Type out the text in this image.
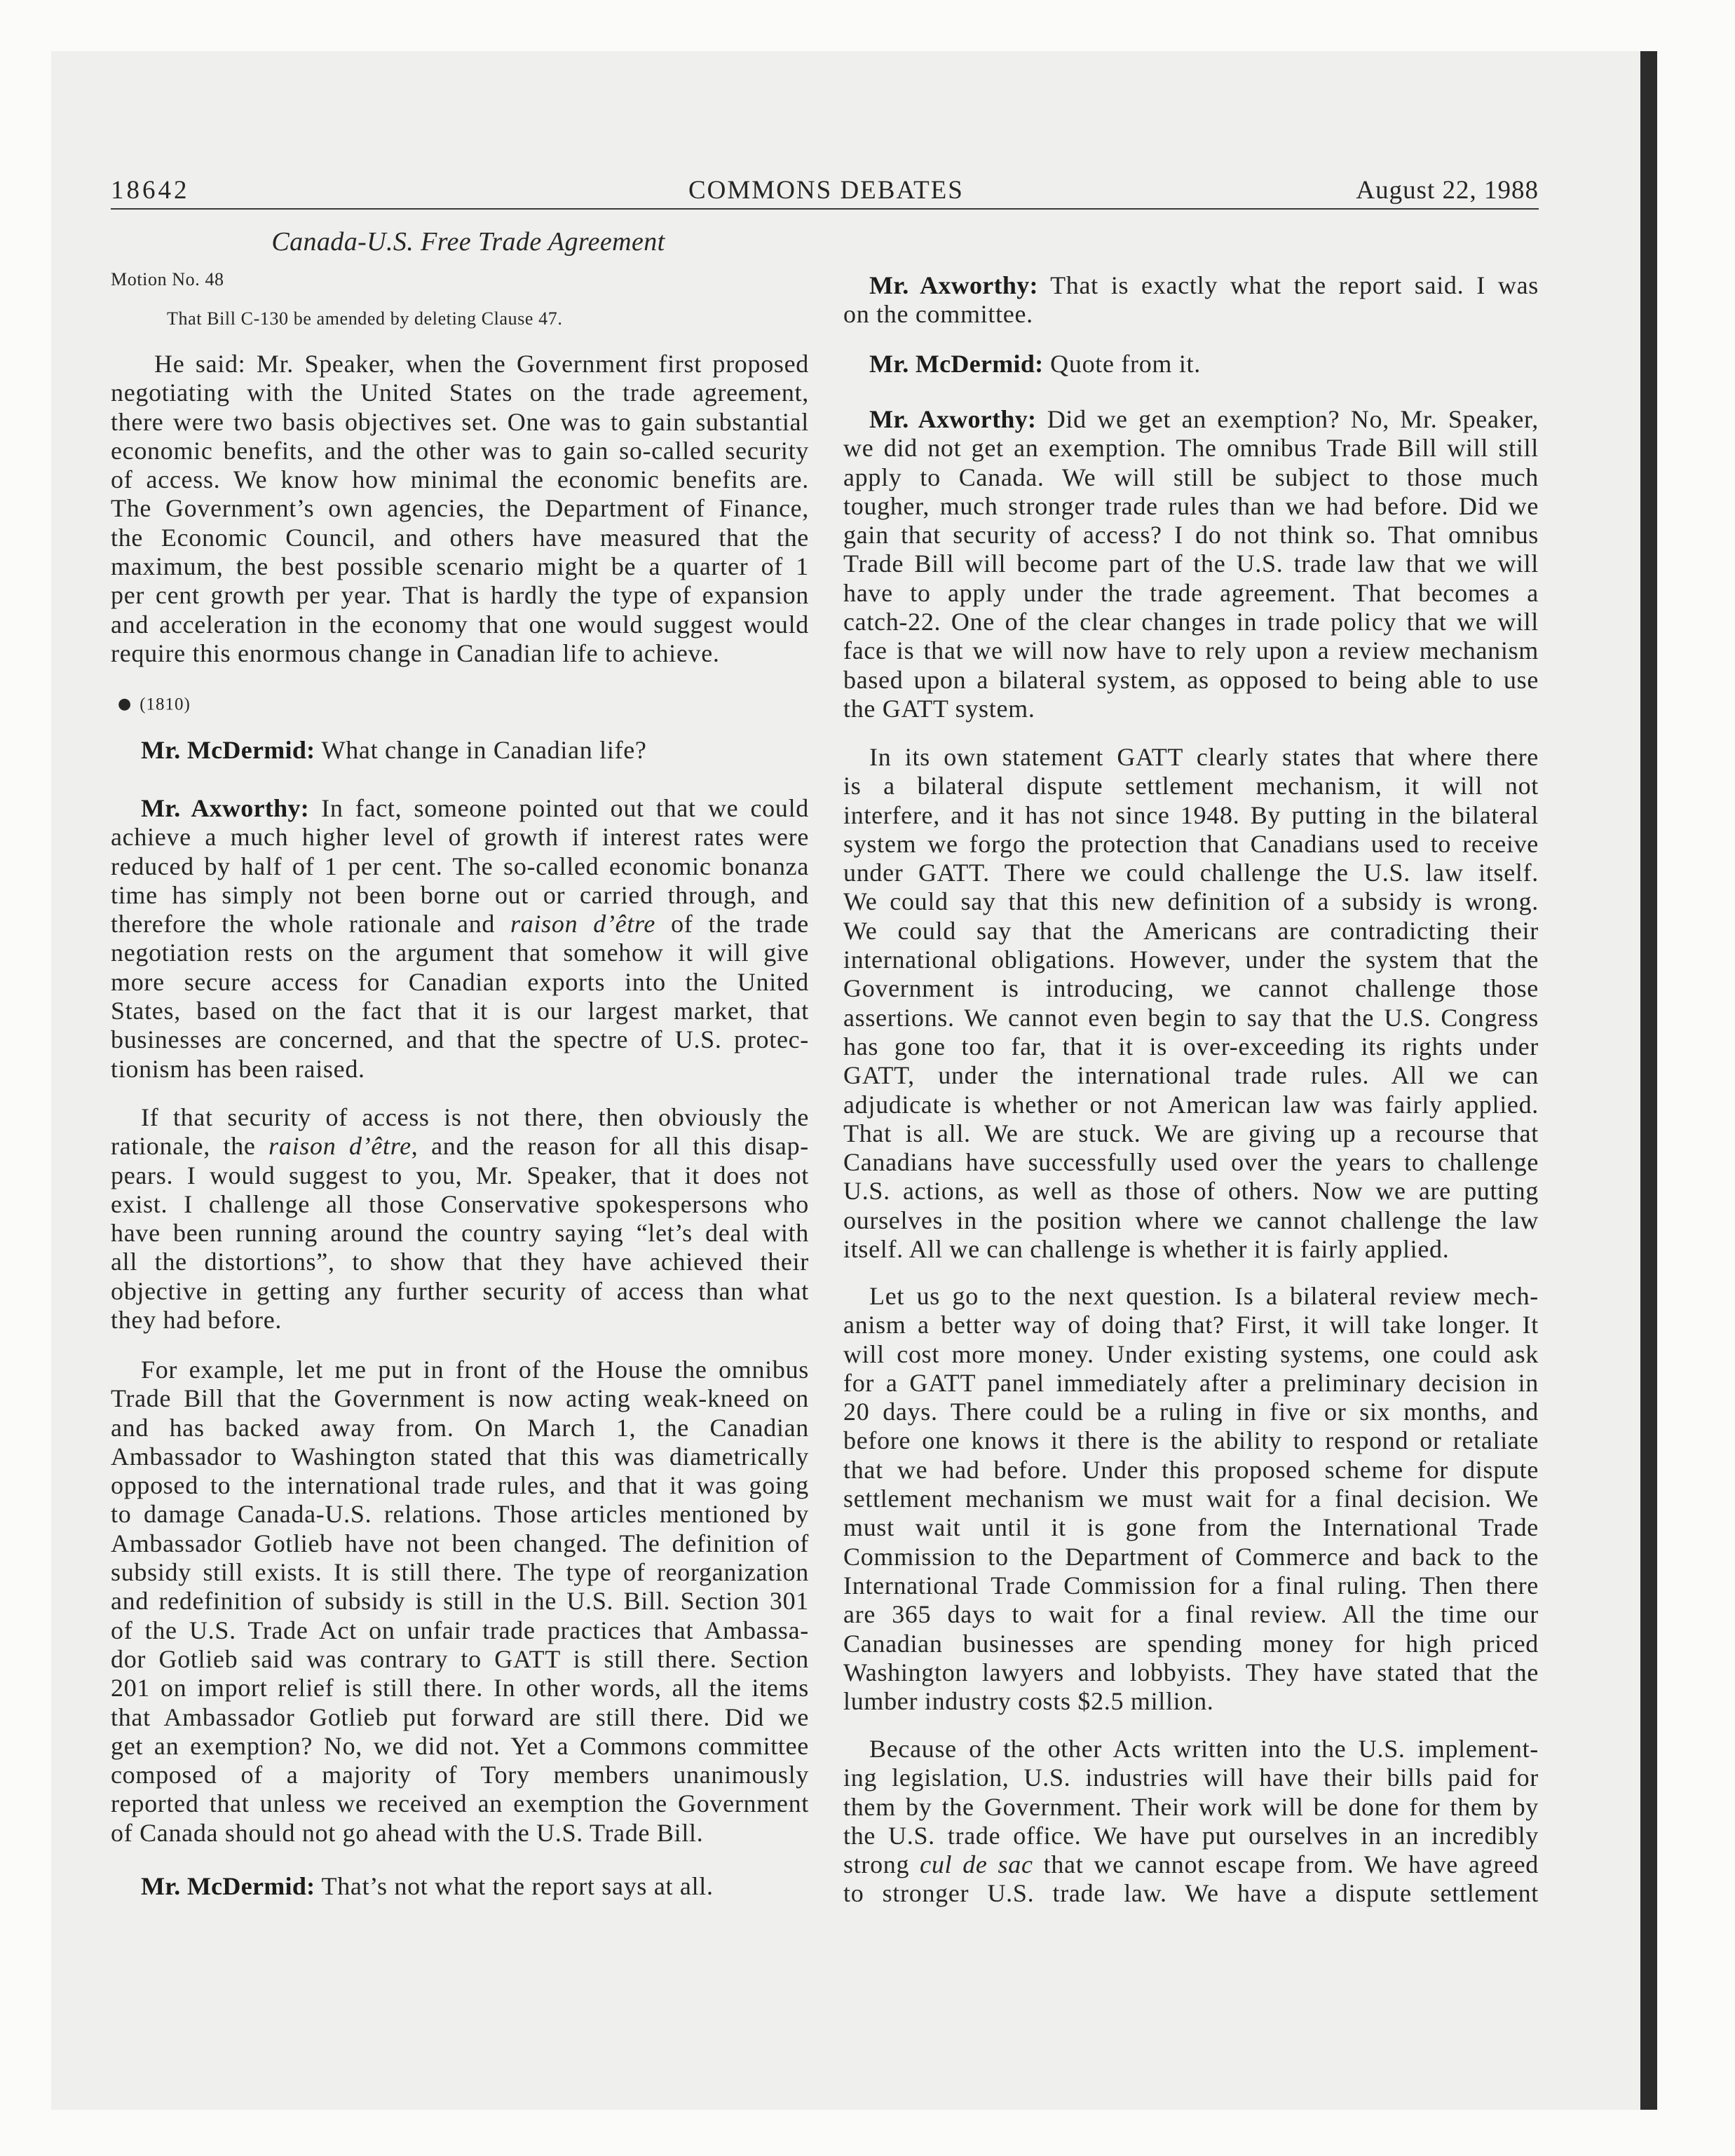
18642	COMMONS DEBATES	August 22, 1988
Canada-U.S. Free Trade Agreement
Motion No. 48
That Bill C-130 be amended by deleting Clause 47.
He said: Mr. Speaker, when the Government first proposed
negotiating with the United States on the trade agreement,
there were two basis objectives set. One was to gain substantial
economic benefits, and the other was to gain so-called security
of access. We know how minimal the economic benefits are.
The Government’s own agencies, the Department of Finance,
the Economic Council, and others have measured that the
maximum, the best possible scenario might be a quarter of 1
per cent growth per year. That is hardly the type of expansion
and acceleration in the economy that one would suggest would
require this enormous change in Canadian life to achieve.
● (1810)
Mr. McDermid: What change in Canadian life?
Mr. Axworthy: In fact, someone pointed out that we could
achieve a much higher level of growth if interest rates were
reduced by half of 1 per cent. The so-called economic bonanza
time has simply not been borne out or carried through, and
therefore the whole rationale and raison d’être of the trade
negotiation rests on the argument that somehow it will give
more secure access for Canadian exports into the United
States, based on the fact that it is our largest market, that
businesses are concerned, and that the spectre of U.S. protec-
tionism has been raised.
If that security of access is not there, then obviously the
rationale, the raison d’être, and the reason for all this disap-
pears. I would suggest to you, Mr. Speaker, that it does not
exist. I challenge all those Conservative spokespersons who
have been running around the country saying “let’s deal with
all the distortions”, to show that they have achieved their
objective in getting any further security of access than what
they had before.
For example, let me put in front of the House the omnibus
Trade Bill that the Government is now acting weak-kneed on
and has backed away from. On March 1, the Canadian
Ambassador to Washington stated that this was diametrically
opposed to the international trade rules, and that it was going
to damage Canada-U.S. relations. Those articles mentioned by
Ambassador Gotlieb have not been changed. The definition of
subsidy still exists. It is still there. The type of reorganization
and redefinition of subsidy is still in the U.S. Bill. Section 301
of the U.S. Trade Act on unfair trade practices that Ambassa-
dor Gotlieb said was contrary to GATT is still there. Section
201 on import relief is still there. In other words, all the items
that Ambassador Gotlieb put forward are still there. Did we
get an exemption? No, we did not. Yet a Commons committee
composed of a majority of Tory members unanimously
reported that unless we received an exemption the Government
of Canada should not go ahead with the U.S. Trade Bill.
Mr. McDermid: That’s not what the report says at all.
Mr. Axworthy: That is exactly what the report said. I was
on the committee.
Mr. McDermid: Quote from it.
Mr. Axworthy: Did we get an exemption? No, Mr. Speaker,
we did not get an exemption. The omnibus Trade Bill will still
apply to Canada. We will still be subject to those much
tougher, much stronger trade rules than we had before. Did we
gain that security of access? I do not think so. That omnibus
Trade Bill will become part of the U.S. trade law that we will
have to apply under the trade agreement. That becomes a
catch-22. One of the clear changes in trade policy that we will
face is that we will now have to rely upon a review mechanism
based upon a bilateral system, as opposed to being able to use
the GATT system.
In its own statement GATT clearly states that where there
is a bilateral dispute settlement mechanism, it will not
interfere, and it has not since 1948. By putting in the bilateral
system we forgo the protection that Canadians used to receive
under GATT. There we could challenge the U.S. law itself.
We could say that this new definition of a subsidy is wrong.
We could say that the Americans are contradicting their
international obligations. However, under the system that the
Government is introducing, we cannot challenge those
assertions. We cannot even begin to say that the U.S. Congress
has gone too far, that it is over-exceeding its rights under
GATT, under the international trade rules. All we can
adjudicate is whether or not American law was fairly applied.
That is all. We are stuck. We are giving up a recourse that
Canadians have successfully used over the years to challenge
U.S. actions, as well as those of others. Now we are putting
ourselves in the position where we cannot challenge the law
itself. All we can challenge is whether it is fairly applied.
Let us go to the next question. Is a bilateral review mech-
anism a better way of doing that? First, it will take longer. It
will cost more money. Under existing systems, one could ask
for a GATT panel immediately after a preliminary decision in
20 days. There could be a ruling in five or six months, and
before one knows it there is the ability to respond or retaliate
that we had before. Under this proposed scheme for dispute
settlement mechanism we must wait for a final decision. We
must wait until it is gone from the International Trade
Commission to the Department of Commerce and back to the
International Trade Commission for a final ruling. Then there
are 365 days to wait for a final review. All the time our
Canadian businesses are spending money for high priced
Washington lawyers and lobbyists. They have stated that the
lumber industry costs $2.5 million.
Because of the other Acts written into the U.S. implement-
ing legislation, U.S. industries will have their bills paid for
them by the Government. Their work will be done for them by
the U.S. trade office. We have put ourselves in an incredibly
strong cul de sac that we cannot escape from. We have agreed
to stronger U.S. trade law. We have a dispute settlement
